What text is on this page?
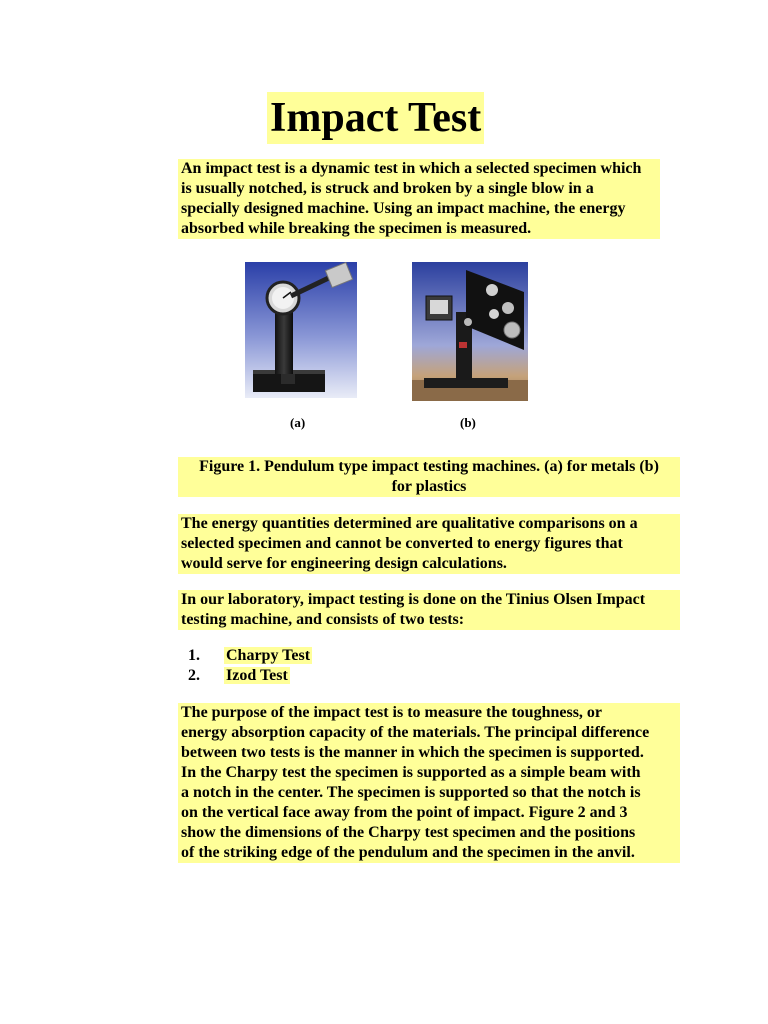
Impact Test
An impact test is a dynamic test in which a selected specimen which
is usually notched, is struck and broken by a single blow in a
specially designed machine. Using an impact machine, the energy
absorbed while breaking the specimen is measured.
(a)	(b)
Figure 1. Pendulum type impact testing machines. (a) for metals (b)
for plastics
The energy quantities determined are qualitative comparisons on a
selected specimen and cannot be converted to energy figures that
would serve for engineering design calculations.
In our laboratory, impact testing is done on the Tinius Olsen Impact
testing machine, and consists of two tests:
1. Charpy Test
2. Izod Test
The purpose of the impact test is to measure the toughness, or
energy absorption capacity of the materials. The principal difference
between two tests is the manner in which the specimen is supported.
In the Charpy test the specimen is supported as a simple beam with
a notch in the center. The specimen is supported so that the notch is
on the vertical face away from the point of impact. Figure 2 and 3
show the dimensions of the Charpy test specimen and the positions
of the striking edge of the pendulum and the specimen in the anvil.
